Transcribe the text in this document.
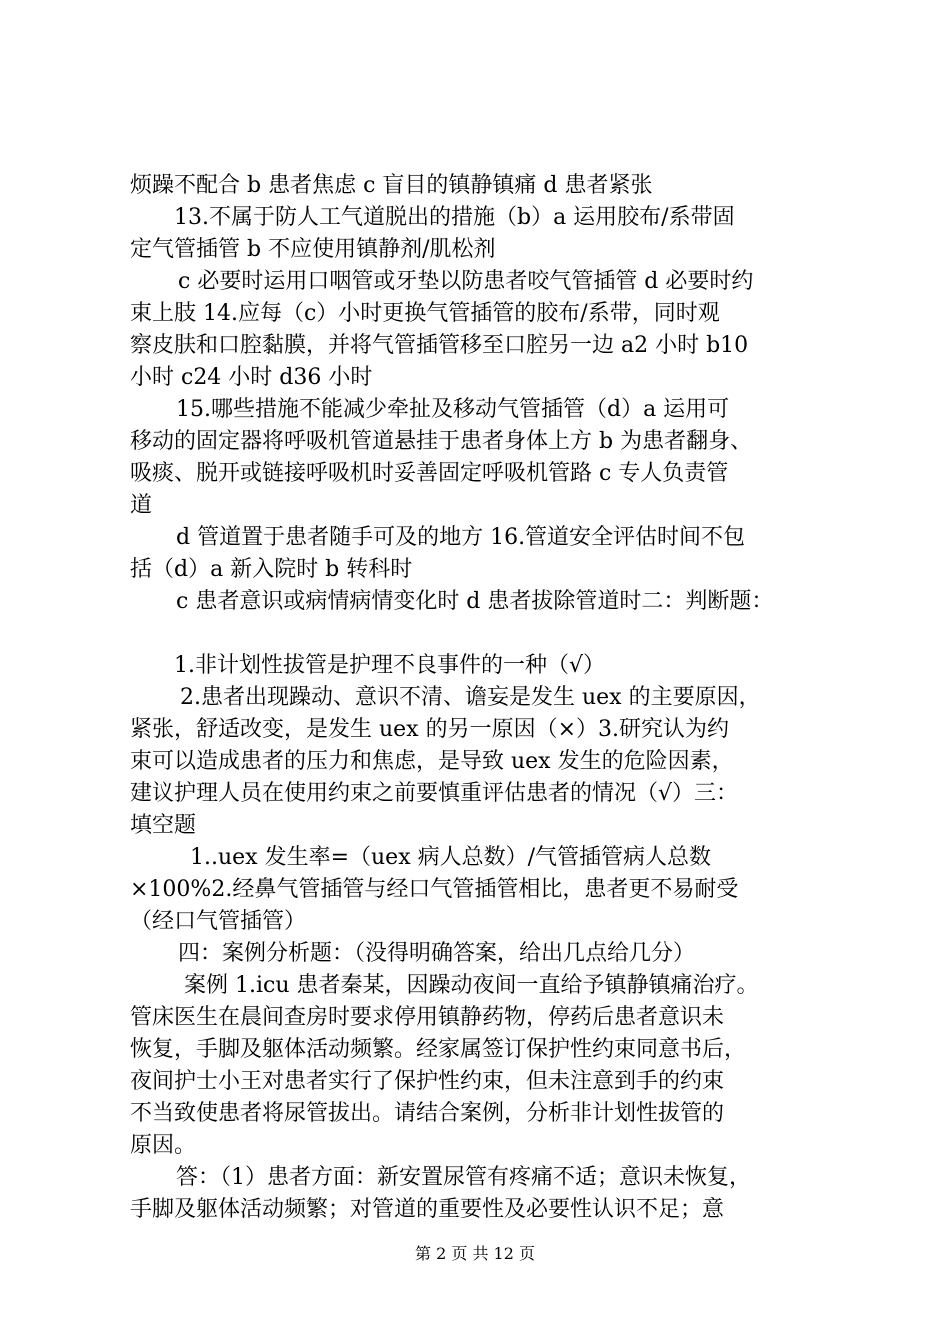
烦躁不配合 b 患者焦虑 c 盲目的镇静镇痛 d 患者紧张
13.不属于防人工气道脱出的措施（b）a 运用胶布/系带固
定气管插管 b 不应使用镇静剂/肌松剂
c 必要时运用口咽管或牙垫以防患者咬气管插管 d 必要时约
束上肢 14.应每（c）小时更换气管插管的胶布/系带，同时观
察皮肤和口腔黏膜，并将气管插管移至口腔另一边 a2 小时 b10
小时 c24 小时 d36 小时
15.哪些措施不能减少牵扯及移动气管插管（d）a 运用可
移动的固定器将呼吸机管道悬挂于患者身体上方 b 为患者翻身、
吸痰、脱开或链接呼吸机时妥善固定呼吸机管路 c 专人负责管
道
d 管道置于患者随手可及的地方 16.管道安全评估时间不包
括（d）a 新入院时 b 转科时
c 患者意识或病情病情变化时 d 患者拔除管道时二：判断题：
1.非计划性拔管是护理不良事件的一种（√）
2.患者出现躁动、意识不清、谵妄是发生 uex 的主要原因，
紧张，舒适改变，是发生 uex 的另一原因（×）3.研究认为约
束可以造成患者的压力和焦虑，是导致 uex 发生的危险因素，
建议护理人员在使用约束之前要慎重评估患者的情况（√）三：
填空题
1..uex 发生率=（uex 病人总数）/气管插管病人总数
×100%2.经鼻气管插管与经口气管插管相比，患者更不易耐受
（经口气管插管）
四：案例分析题：（没得明确答案，给出几点给几分）
案例 1.icu 患者秦某，因躁动夜间一直给予镇静镇痛治疗。
管床医生在晨间查房时要求停用镇静药物，停药后患者意识未
恢复，手脚及躯体活动频繁。经家属签订保护性约束同意书后，
夜间护士小王对患者实行了保护性约束，但未注意到手的约束
不当致使患者将尿管拔出。请结合案例，分析非计划性拔管的
原因。
答：（1）患者方面：新安置尿管有疼痛不适；意识未恢复，
手脚及躯体活动频繁；对管道的重要性及必要性认识不足；意
第 2 页 共 12 页
